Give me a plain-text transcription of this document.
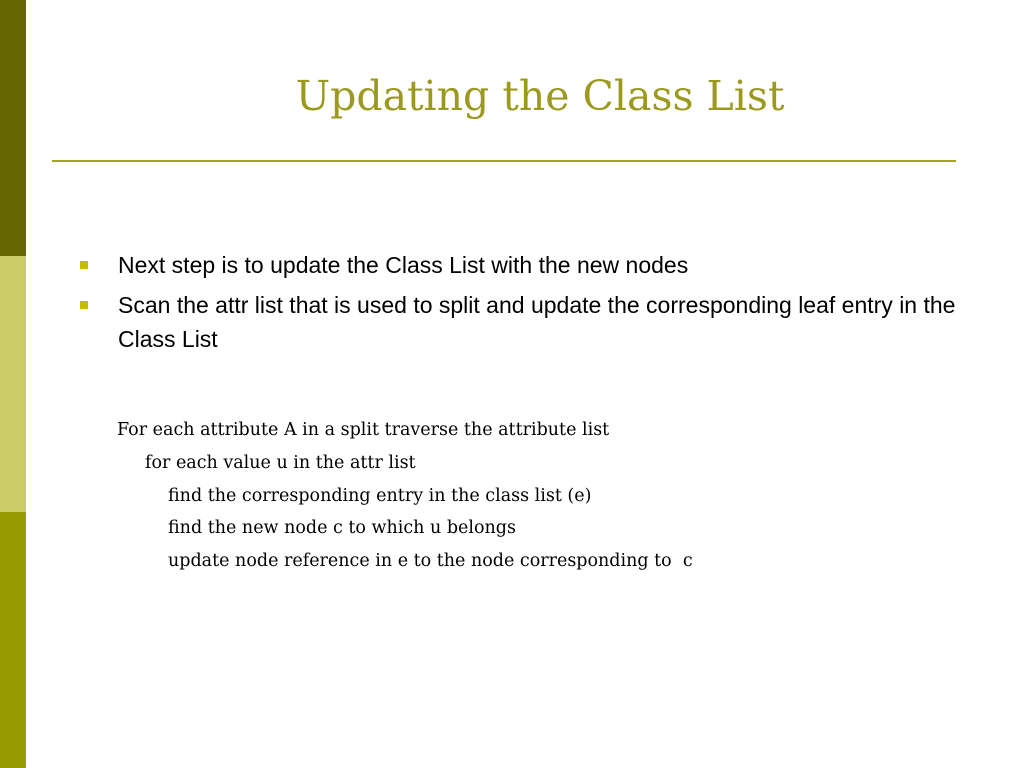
Updating the Class List
Next step is to update the Class List with the new nodes
Scan the attr list that is used to split and update the corresponding leaf entry in the Class List
For each attribute A in a split traverse the attribute list
for each value u in the attr list
find the corresponding entry in the class list (e)
find the new node c to which u belongs
update node reference in e to the node corresponding to  c
